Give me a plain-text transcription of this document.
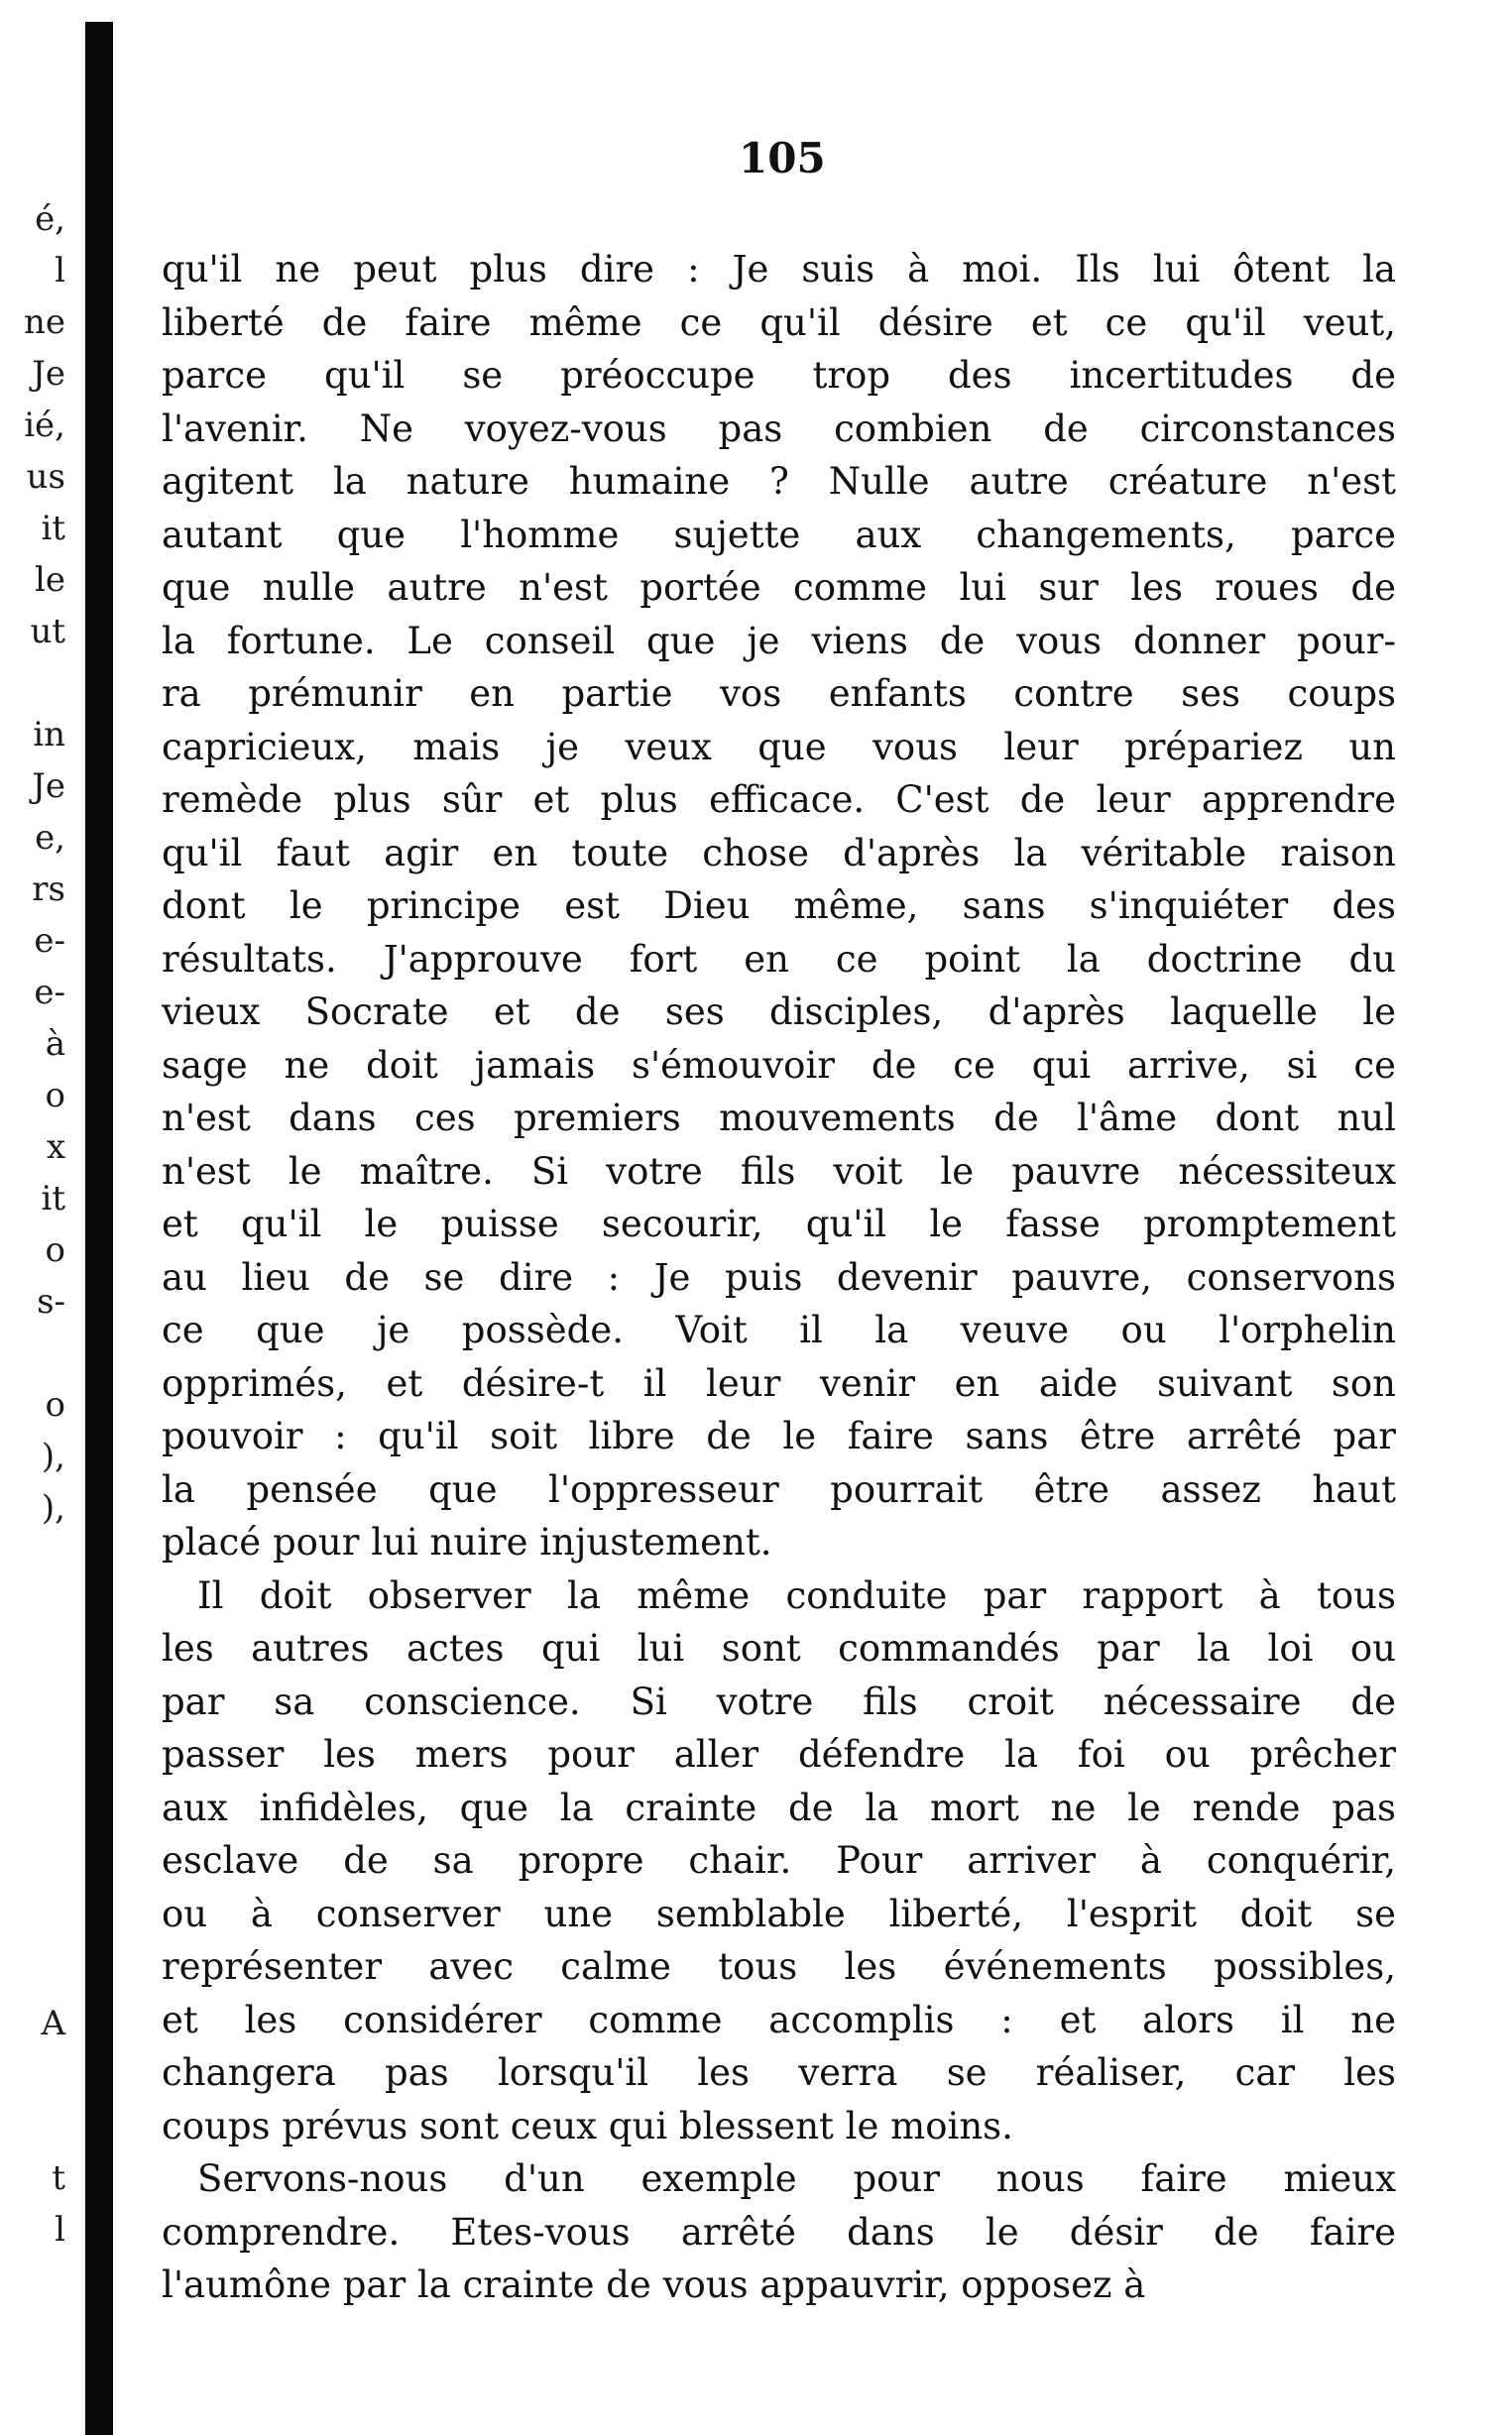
é,
l
ne
Je
ié,
us
it
le
ut
in
Je
e,
rs
e-
e-
à
o
x
it
o
s-
o
),
),
A
t
l
105
qu'il ne peut plus dire : Je suis à moi. Ils lui ôtent la
liberté de faire même ce qu'il désire et ce qu'il veut,
parce qu'il se préoccupe trop des incertitudes de
l'avenir. Ne voyez-vous pas combien de circonstances
agitent la nature humaine ? Nulle autre créature n'est
autant que l'homme sujette aux changements, parce
que nulle autre n'est portée comme lui sur les roues de
la fortune. Le conseil que je viens de vous donner pour-
ra prémunir en partie vos enfants contre ses coups
capricieux, mais je veux que vous leur prépariez un
remède plus sûr et plus efficace. C'est de leur apprendre
qu'il faut agir en toute chose d'après la véritable raison
dont le principe est Dieu même, sans s'inquiéter des
résultats. J'approuve fort en ce point la doctrine du
vieux Socrate et de ses disciples, d'après laquelle le
sage ne doit jamais s'émouvoir de ce qui arrive, si ce
n'est dans ces premiers mouvements de l'âme dont nul
n'est le maître. Si votre fils voit le pauvre nécessiteux
et qu'il le puisse secourir, qu'il le fasse promptement
au lieu de se dire : Je puis devenir pauvre, conservons
ce que je possède. Voit il la veuve ou l'orphelin
opprimés, et désire-t il leur venir en aide suivant son
pouvoir : qu'il soit libre de le faire sans être arrêté par
la pensée que l'oppresseur pourrait être assez haut
placé pour lui nuire injustement.
Il doit observer la même conduite par rapport à tous
les autres actes qui lui sont commandés par la loi ou
par sa conscience. Si votre fils croit nécessaire de
passer les mers pour aller défendre la foi ou prêcher
aux infidèles, que la crainte de la mort ne le rende pas
esclave de sa propre chair. Pour arriver à conquérir,
ou à conserver une semblable liberté, l'esprit doit se
représenter avec calme tous les événements possibles,
et les considérer comme accomplis : et alors il ne
changera pas lorsqu'il les verra se réaliser, car les
coups prévus sont ceux qui blessent le moins.
Servons-nous d'un exemple pour nous faire mieux
comprendre. Etes-vous arrêté dans le désir de faire
l'aumône par la crainte de vous appauvrir, opposez à
